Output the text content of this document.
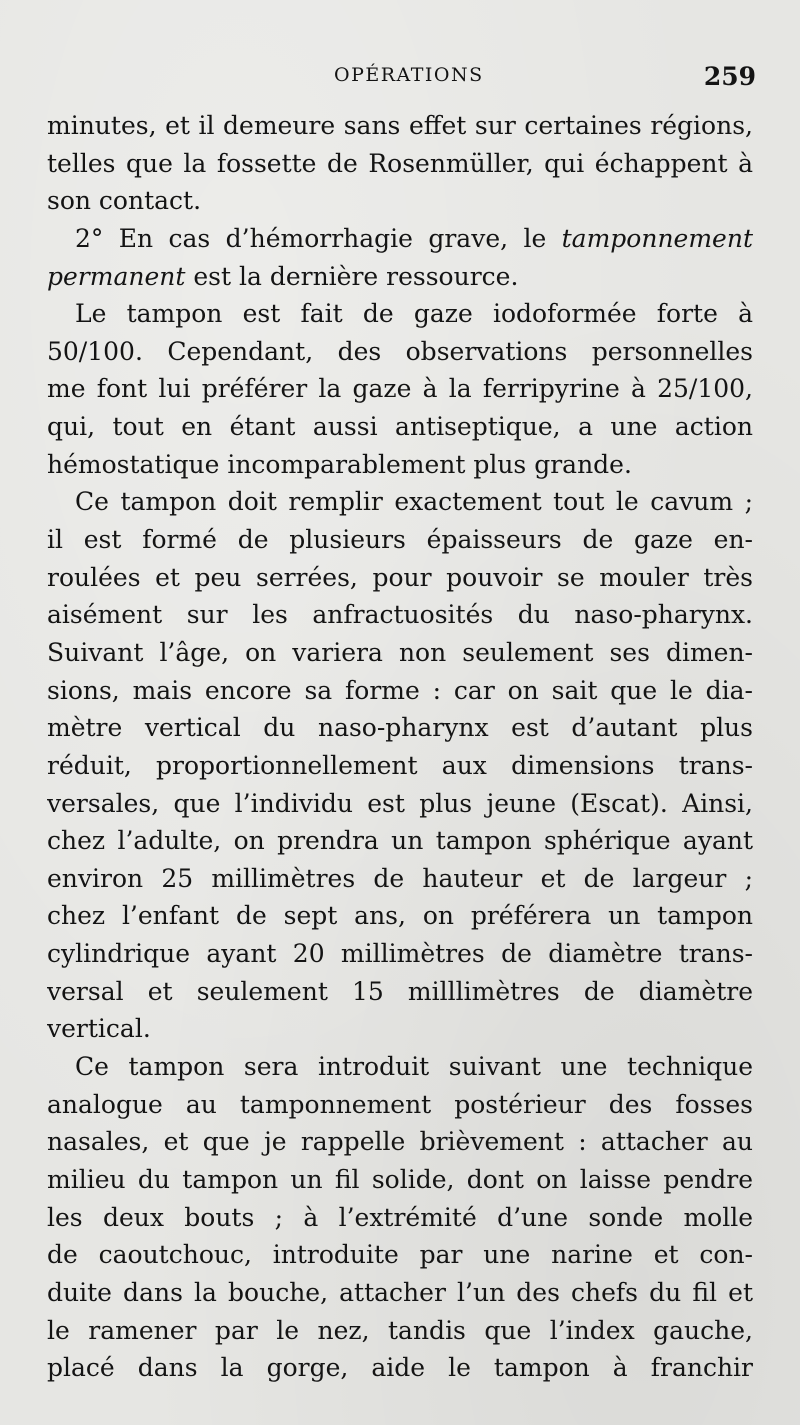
OPÉRATIONS	259
minutes, et il demeure sans effet sur certaines régions,
telles que la fossette de Rosenmüller, qui échappent à
son contact.
2° En cas d’hémorrhagie grave, le tamponnement
permanent est la dernière ressource.
Le tampon est fait de gaze iodoformée forte à
50/100. Cependant, des observations personnelles
me font lui préférer la gaze à la ferripyrine à 25/100,
qui, tout en étant aussi antiseptique, a une action
hémostatique incomparablement plus grande.
Ce tampon doit remplir exactement tout le cavum ;
il est formé de plusieurs épaisseurs de gaze en-
roulées et peu serrées, pour pouvoir se mouler très
aisément sur les anfractuosités du naso-pharynx.
Suivant l’âge, on variera non seulement ses dimen-
sions, mais encore sa forme : car on sait que le dia-
mètre vertical du naso-pharynx est d’autant plus
réduit, proportionnellement aux dimensions trans-
versales, que l’individu est plus jeune (Escat). Ainsi,
chez l’adulte, on prendra un tampon sphérique ayant
environ 25 millimètres de hauteur et de largeur ;
chez l’enfant de sept ans, on préférera un tampon
cylindrique ayant 20 millimètres de diamètre trans-
versal et seulement 15 milllimètres de diamètre
vertical.
Ce tampon sera introduit suivant une technique
analogue au tamponnement postérieur des fosses
nasales, et que je rappelle brièvement : attacher au
milieu du tampon un fil solide, dont on laisse pendre
les deux bouts ; à l’extrémité d’une sonde molle
de caoutchouc, introduite par une narine et con-
duite dans la bouche, attacher l’un des chefs du fil et
le ramener par le nez, tandis que l’index gauche,
placé dans la gorge, aide le tampon à franchir
